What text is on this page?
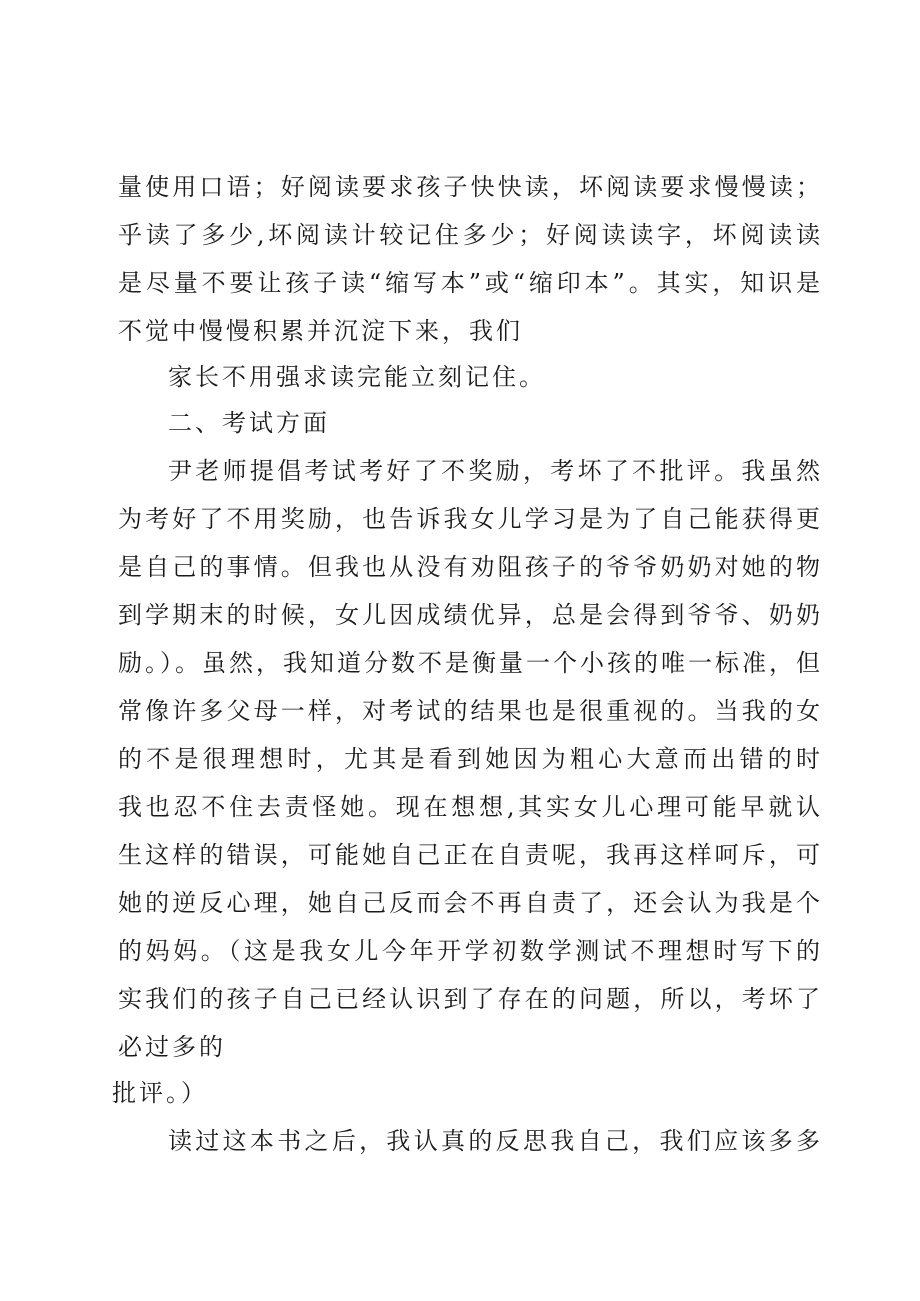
量使用口语；好阅读要求孩子快快读，坏阅读要求慢慢读；
乎读了多少,坏阅读计较记住多少；好阅读读字，坏阅读读
是尽量不要让孩子读“缩写本”或“缩印本”。其实，知识是
不觉中慢慢积累并沉淀下来，我们
家长不用强求读完能立刻记住。
二、考试方面
尹老师提倡考试考好了不奖励，考坏了不批评。我虽然
为考好了不用奖励，也告诉我女儿学习是为了自己能获得更
是自己的事情。但我也从没有劝阻孩子的爷爷奶奶对她的物
到学期末的时候，女儿因成绩优异，总是会得到爷爷、奶奶
励。）。虽然，我知道分数不是衡量一个小孩的唯一标准，但
常像许多父母一样，对考试的结果也是很重视的。当我的女
的不是很理想时，尤其是看到她因为粗心大意而出错的时
我也忍不住去责怪她。现在想想,其实女儿心理可能早就认
生这样的错误，可能她自己正在自责呢，我再这样呵斥，可
她的逆反心理，她自己反而会不再自责了，还会认为我是个
的妈妈。（这是我女儿今年开学初数学测试不理想时写下的
实我们的孩子自己已经认识到了存在的问题，所以，考坏了
必过多的
批评。）
读过这本书之后，我认真的反思我自己，我们应该多多
